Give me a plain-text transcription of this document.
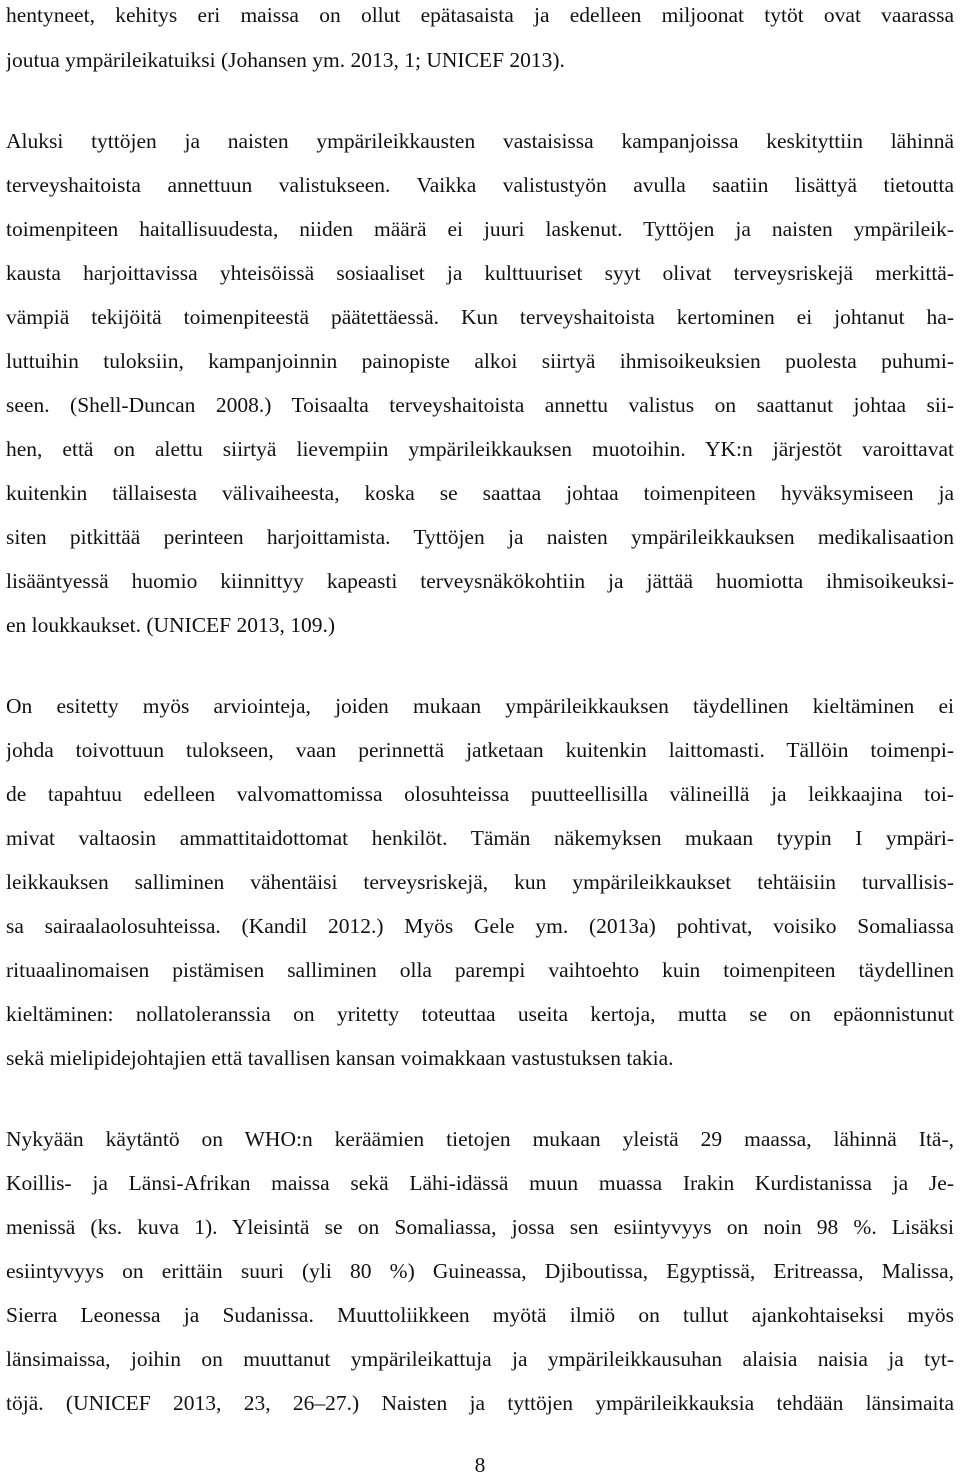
hentyneet, kehitys eri maissa on ollut epätasaista ja edelleen miljoonat tytöt ovat vaarassa
joutua ympärileikatuiksi (Johansen ym. 2013, 1; UNICEF 2013).
Aluksi tyttöjen ja naisten ympärileikkausten vastaisissa kampanjoissa keskityttiin lähinnä
terveyshaitoista annettuun valistukseen. Vaikka valistustyön avulla saatiin lisättyä tietoutta
toimenpiteen haitallisuudesta, niiden määrä ei juuri laskenut. Tyttöjen ja naisten ympärileik-
kausta harjoittavissa yhteisöissä sosiaaliset ja kulttuuriset syyt olivat terveysriskejä merkittä-
vämpiä tekijöitä toimenpiteestä päätettäessä. Kun terveyshaitoista kertominen ei johtanut ha-
luttuihin tuloksiin, kampanjoinnin painopiste alkoi siirtyä ihmisoikeuksien puolesta puhumi-
seen. (Shell-Duncan 2008.) Toisaalta terveyshaitoista annettu valistus on saattanut johtaa sii-
hen, että on alettu siirtyä lievempiin ympärileikkauksen muotoihin. YK:n järjestöt varoittavat
kuitenkin tällaisesta välivaiheesta, koska se saattaa johtaa toimenpiteen hyväksymiseen ja
siten pitkittää perinteen harjoittamista. Tyttöjen ja naisten ympärileikkauksen medikalisaation
lisääntyessä huomio kiinnittyy kapeasti terveysnäkökohtiin ja jättää huomiotta ihmisoikeuksi-
en loukkaukset. (UNICEF 2013, 109.)
On esitetty myös arviointeja, joiden mukaan ympärileikkauksen täydellinen kieltäminen ei
johda toivottuun tulokseen, vaan perinnettä jatketaan kuitenkin laittomasti. Tällöin toimenpi-
de tapahtuu edelleen valvomattomissa olosuhteissa puutteellisilla välineillä ja leikkaajina toi-
mivat valtaosin ammattitaidottomat henkilöt. Tämän näkemyksen mukaan tyypin I ympäri-
leikkauksen salliminen vähentäisi terveysriskejä, kun ympärileikkaukset tehtäisiin turvallisis-
sa sairaalaolosuhteissa. (Kandil 2012.) Myös Gele ym. (2013a) pohtivat, voisiko Somaliassa
rituaalinomaisen pistämisen salliminen olla parempi vaihtoehto kuin toimenpiteen täydellinen
kieltäminen: nollatoleranssia on yritetty toteuttaa useita kertoja, mutta se on epäonnistunut
sekä mielipidejohtajien että tavallisen kansan voimakkaan vastustuksen takia.
Nykyään käytäntö on WHO:n keräämien tietojen mukaan yleistä 29 maassa, lähinnä Itä-,
Koillis- ja Länsi-Afrikan maissa sekä Lähi-idässä muun muassa Irakin Kurdistanissa ja Je-
menissä (ks. kuva 1). Yleisintä se on Somaliassa, jossa sen esiintyvyys on noin 98 %. Lisäksi
esiintyvyys on erittäin suuri (yli 80 %) Guineassa, Djiboutissa, Egyptissä, Eritreassa, Malissa,
Sierra Leonessa ja Sudanissa. Muuttoliikkeen myötä ilmiö on tullut ajankohtaiseksi myös
länsimaissa, joihin on muuttanut ympärileikattuja ja ympärileikkausuhan alaisia naisia ja tyt-
töjä. (UNICEF 2013, 23, 26–27.) Naisten ja tyttöjen ympärileikkauksia tehdään länsimaita
8
